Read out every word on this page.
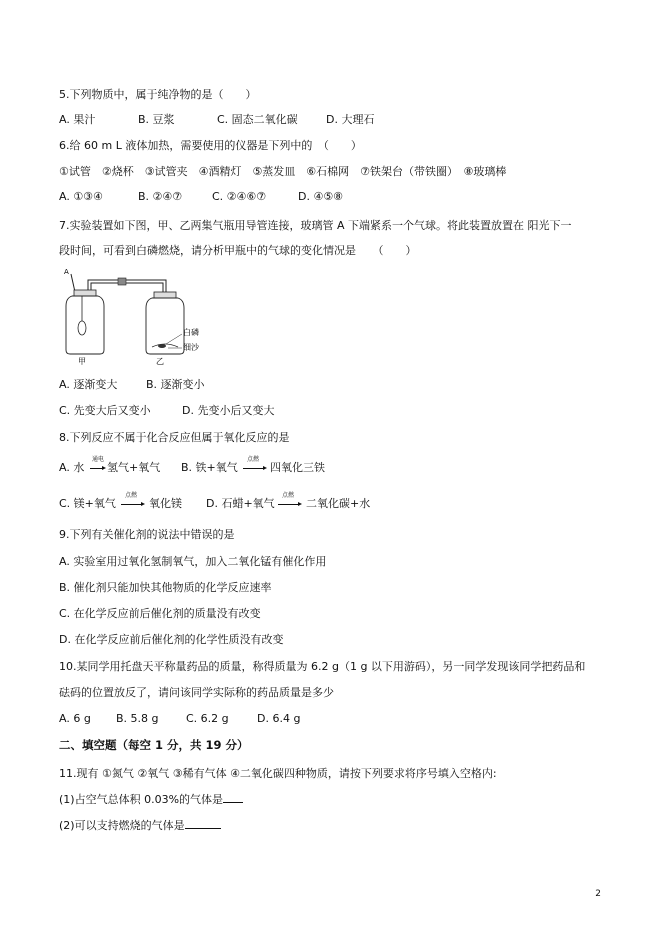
5.下列物质中，属于纯净物的是（　　）
A. 果汁	B. 豆浆	C. 固态二氧化碳	D. 大理石
6.给 60 m L 液体加热，需要使用的仪器是下列中的　（　　）
①试管　②烧杯　③试管夹　④酒精灯　⑤蒸发皿　⑥石棉网　⑦铁架台（带铁圈）　⑧玻璃棒
A. ①③④	B. ②④⑦	C. ②④⑥⑦	D. ④⑤⑧
7.实验装置如下图，甲、乙两集气瓶用导管连接，玻璃管 A 下端紧系一个气球。将此装置放置在 阳光下一
段时间，可看到白磷燃烧，请分析甲瓶中的气球的变化情况是　　（　　）
A
白磷
细沙
甲	乙
A. 逐渐变大	B. 逐渐变小
C. 先变大后又变小	D. 先变小后又变大
8.下列反应不属于化合反应但属于氧化反应的是
A. 水
通电
氢气+氧气 B. 铁+氧气
点燃
四氧化三铁
C. 镁+氧气
点燃
氧化镁 D. 石蜡+氧气
点燃
二氧化碳+水
9.下列有关催化剂的说法中错误的是
A. 实验室用过氧化氢制氧气，加入二氧化锰有催化作用
B. 催化剂只能加快其他物质的化学反应速率
C. 在化学反应前后催化剂的质量没有改变
D. 在化学反应前后催化剂的化学性质没有改变
10.某同学用托盘天平称量药品的质量，称得质量为 6.2 g（1 g 以下用游码），另一同学发现该同学把药品和
砝码的位置放反了，请问该同学实际称的药品质量是多少
A. 6 g B. 5.8 g C. 6.2 g	D. 6.4 g
二、填空题（每空 1 分，共 19 分）
11.现有 ①氮气 ②氧气 ③稀有气体 ④二氧化碳四种物质，请按下列要求将序号填入空格内:
(1)占空气总体积 0.03%的气体是
(2)可以支持燃烧的气体是
2
